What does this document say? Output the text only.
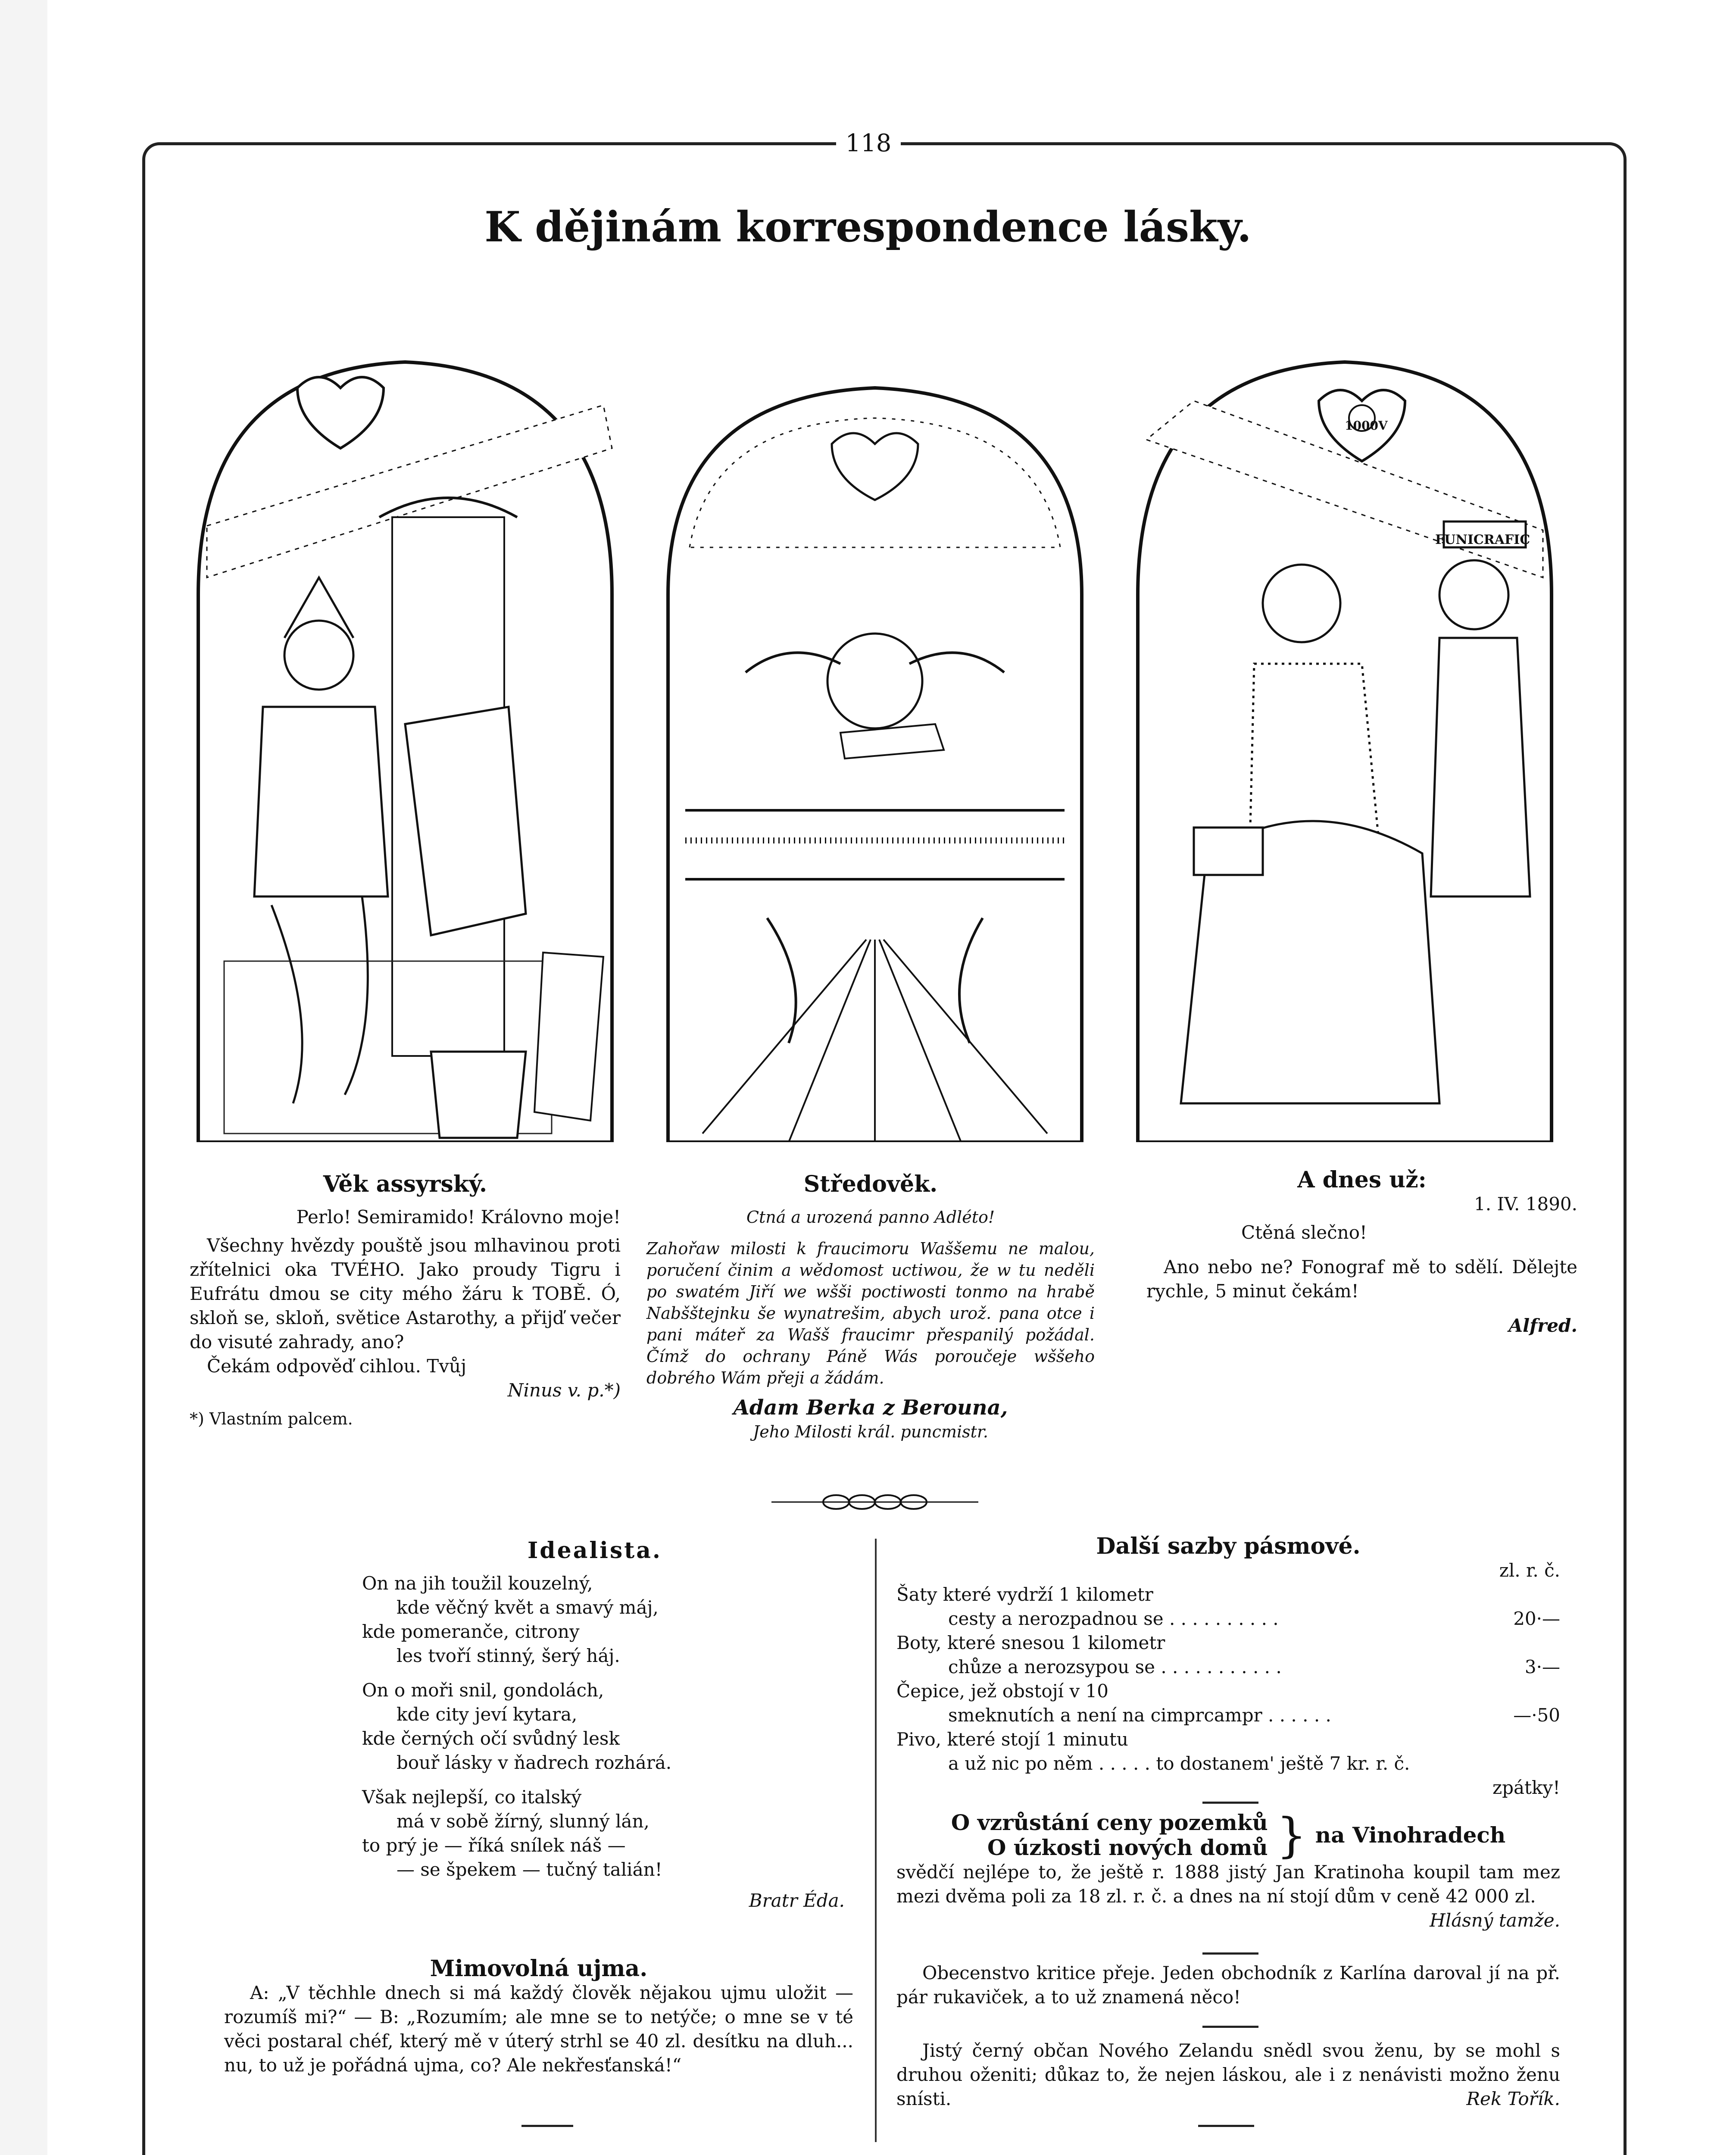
118
K dějinám korrespondence lásky.
FUNICRAFIC
1000V
Věk assyrský.
Perlo! Semiramido! Královno moje!
Všechny hvězdy pouště jsou mlhavinou proti zřítelnici oka TVÉHO. Jako proudy Tigru i Eufrátu dmou se city mého žáru k TOBĚ. Ó, skloň se, skloň, světice Astarothy, a přijď večer do visuté zahrady, ano?
Čekám odpověď cihlou. Tvůj
Ninus v. p.*)
*) Vlastním palcem.
Středověk.
Ctná a urozená panno Adléto!
Zahořaw milosti k fraucimoru Waššemu ne malou, poručení činim a wědomost uctiwou, že w tu neděli po swatém Jiří we wšši poctiwosti tonmo na hrabě Nabšštejnku še wynatrešim, abych urož. pana otce i pani máteř za Wašš fraucimr přespanilý požádal. Čímž do ochrany Páně Wás poroučeje wššeho dobrého Wám přeji a žádám.
Adam Berka z Berouna,
Jeho Milosti král. puncmistr.
A dnes už:
1. IV. 1890.
Ctěná slečno!
Ano nebo ne? Fonograf mě to sdělí. Dělejte rychle, 5 minut čekám!
Alfred.
Idealista.
On na jih toužil kouzelný,
kde věčný květ a smavý máj,
kde pomeranče, citrony
les tvoří stinný, šerý háj.
On o moři snil, gondolách,
kde city jeví kytara,
kde černých očí svůdný lesk
bouř lásky v ňadrech rozhárá.
Však nejlepší, co italský
má v sobě žírný, slunný lán,
to prý je — říká snílek náš —
— se špekem — tučný talián!
Bratr Éda.
Mimovolná ujma.
A: „V těchhle dnech si má každý člověk nějakou ujmu uložit — rozumíš mi?“ — B: „Rozumím; ale mne se to netýče; o mne se v té věci postaral chéf, který mě v úterý strhl se 40 zl. desítku na dluh... nu, to už je pořádná ujma, co? Ale nekřesťanská!“
Další sazby pásmové.
zl. r. č.
Šaty které vydrží 1 kilometr
cesty a nerozpadnou se . . . . . . . . . .	20·—
Boty, které snesou 1 kilometr
chůze a nerozsypou se . . . . . . . . . . .	3·—
Čepice, jež obstojí v 10
smeknutích a není na cimprcampr . . . . . .	—·50
Pivo, které stojí 1 minutu
a už nic po něm . . . . . to dostanem' ještě 7 kr. r. č.
zpátky!
O vzrůstání ceny pozemků
O úzkosti nových domů } na Vinohradech
svědčí nejlépe to, že ještě r. 1888 jistý Jan Kratinoha koupil tam mez mezi dvěma poli za 18 zl. r. č. a dnes na ní stojí dům v ceně 42 000 zl.
Hlásný tamže.
Obecenstvo kritice přeje. Jeden obchodník z Karlína daroval jí na př. pár rukaviček, a to už znamená něco!
Jistý černý občan Nového Zelandu snědl svou ženu, by se mohl s druhou oženiti; důkaz to, že nejen láskou, ale i z nenávisti možno ženu snísti.	Rek Tořík.
